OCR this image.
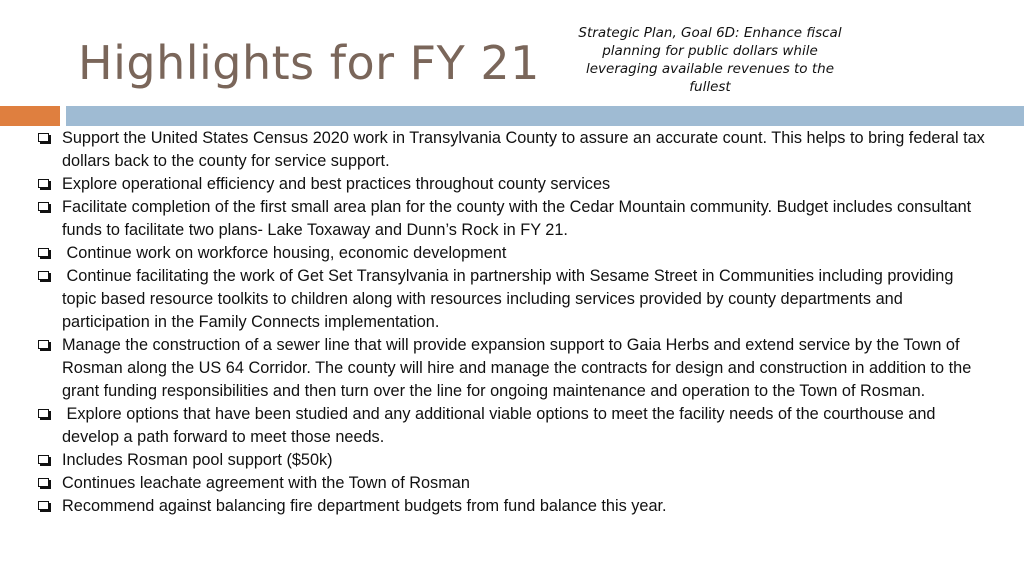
Highlights for FY 21
Strategic Plan, Goal 6D: Enhance fiscal planning for public dollars while leveraging available revenues to the fullest
Support the United States Census 2020 work in Transylvania County to assure an accurate count. This helps to bring federal tax dollars back to the county for service support.
Explore operational efficiency and best practices throughout county services
Facilitate completion of the first small area plan for the county with the Cedar Mountain community. Budget includes consultant funds to facilitate two plans- Lake Toxaway and Dunn’s Rock in FY 21.
Continue work on workforce housing, economic development
Continue facilitating the work of Get Set Transylvania in partnership with Sesame Street in Communities including providing topic based resource toolkits to children along with resources including services provided by county departments and participation in the Family Connects implementation.
Manage the construction of a sewer line that will provide expansion support to Gaia Herbs and extend service by the Town of Rosman along the US 64 Corridor. The county will hire and manage the contracts for design and construction in addition to the grant funding responsibilities and then turn over the line for ongoing maintenance and operation to the Town of Rosman.
Explore options that have been studied and any additional viable options to meet the facility needs of the courthouse and develop a path forward to meet those needs.
Includes Rosman pool support ($50k)
Continues leachate agreement with the Town of Rosman
Recommend against balancing fire department budgets from fund balance this year.
